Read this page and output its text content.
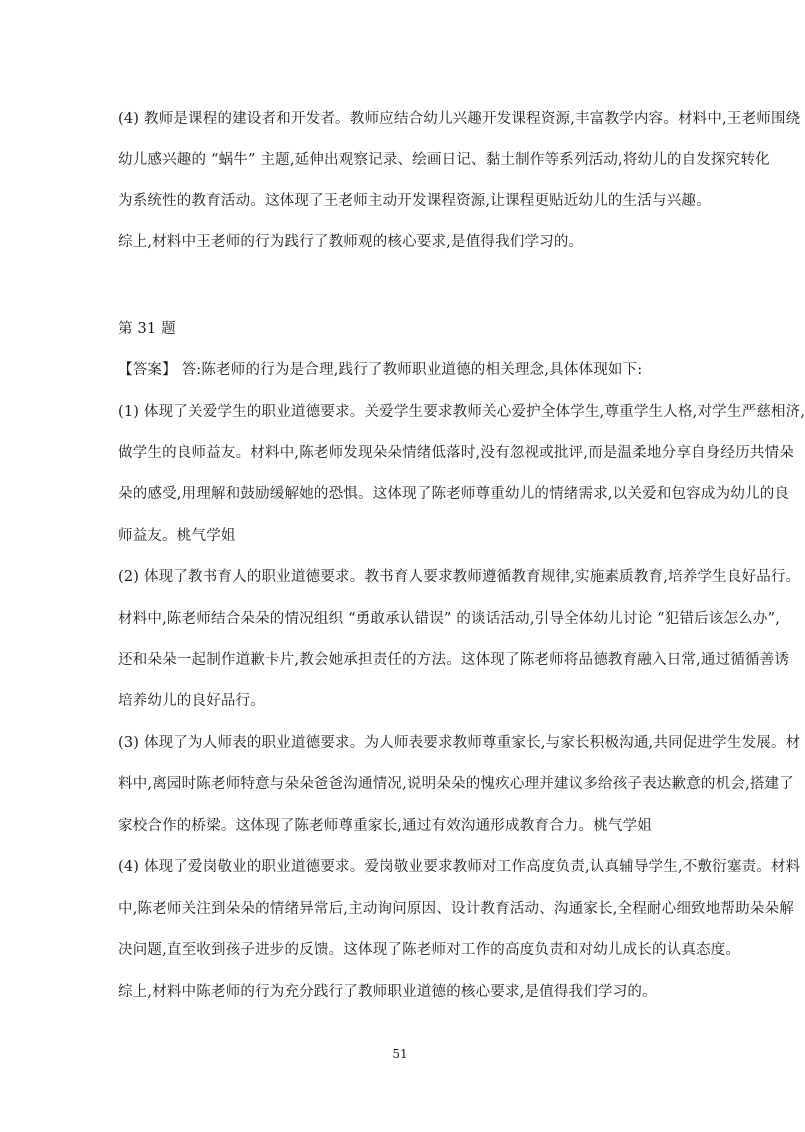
(4) 教师是课程的建设者和开发者。教师应结合幼儿兴趣开发课程资源,丰富教学内容。材料中,王老师围绕
幼儿感兴趣的 “蜗牛” 主题,延伸出观察记录、绘画日记、黏土制作等系列活动,将幼儿的自发探究转化
为系统性的教育活动。这体现了王老师主动开发课程资源,让课程更贴近幼儿的生活与兴趣。
综上,材料中王老师的行为践行了教师观的核心要求,是值得我们学习的。
第 31 题
【答案】 答:陈老师的行为是合理,践行了教师职业道德的相关理念,具体体现如下:
(1) 体现了关爱学生的职业道德要求。关爱学生要求教师关心爱护全体学生,尊重学生人格,对学生严慈相济,
做学生的良师益友。材料中,陈老师发现朵朵情绪低落时,没有忽视或批评,而是温柔地分享自身经历共情朵
朵的感受,用理解和鼓励缓解她的恐惧。这体现了陈老师尊重幼儿的情绪需求,以关爱和包容成为幼儿的良
师益友。桃气学姐
(2) 体现了教书育人的职业道德要求。教书育人要求教师遵循教育规律,实施素质教育,培养学生良好品行。
材料中,陈老师结合朵朵的情况组织 “勇敢承认错误” 的谈话活动,引导全体幼儿讨论 “犯错后该怎么办”,
还和朵朵一起制作道歉卡片,教会她承担责任的方法。这体现了陈老师将品德教育融入日常,通过循循善诱
培养幼儿的良好品行。
(3) 体现了为人师表的职业道德要求。为人师表要求教师尊重家长,与家长积极沟通,共同促进学生发展。材
料中,离园时陈老师特意与朵朵爸爸沟通情况,说明朵朵的愧疚心理并建议多给孩子表达歉意的机会,搭建了
家校合作的桥梁。这体现了陈老师尊重家长,通过有效沟通形成教育合力。桃气学姐
(4) 体现了爱岗敬业的职业道德要求。爱岗敬业要求教师对工作高度负责,认真辅导学生,不敷衍塞责。材料
中,陈老师关注到朵朵的情绪异常后,主动询问原因、设计教育活动、沟通家长,全程耐心细致地帮助朵朵解
决问题,直至收到孩子进步的反馈。这体现了陈老师对工作的高度负责和对幼儿成长的认真态度。
综上,材料中陈老师的行为充分践行了教师职业道德的核心要求,是值得我们学习的。
51
